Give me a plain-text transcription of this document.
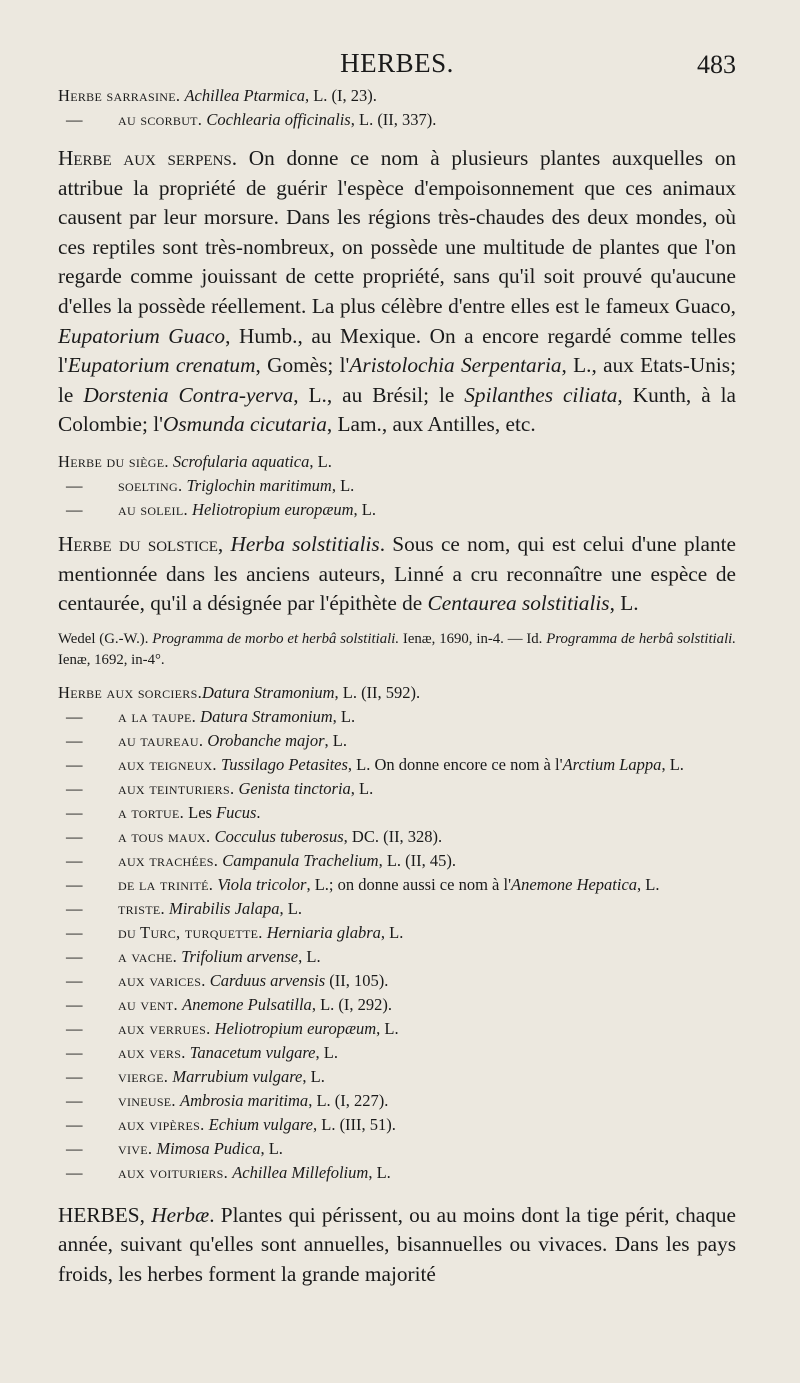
HERBES.	483
Herbe sarrasine.
Achillea Ptarmica , L. (I, 23).
—	au scorbut. Cochlearia officinalis, L. (II, 337).

Herbe aux serpens. On donne ce nom à plusieurs plantes auxquelles on attribue la propriété de guérir l'espèce d'empoisonnement que ces animaux causent par leur morsure. Dans les régions très-chaudes des deux mondes, où ces reptiles sont très-nombreux, on possède une multitude de plantes que l'on regarde comme jouissant de cette propriété, sans qu'il soit prouvé qu'aucune d'elles la possède réellement. La plus célèbre d'entre elles est le fameux Guaco, Eupatorium Guaco, Humb., au Mexique. On a encore regardé comme telles l'Eupatorium crenatum, Gomès; l'Aristolochia Serpentaria, L., aux Etats-Unis; le Dorstenia Contra-yerva, L., au Brésil; le Spilanthes ciliata, Kunth, à la Colombie; l'Osmunda cicutaria, Lam., aux Antilles, etc.

Herbe du siège.
Scrofularia aquatica , L.
—	soelting. Triglochin maritimum, L.
—	au soleil. Heliotropium europæum, L.

Herbe du solstice, Herba solstitialis. Sous ce nom, qui est celui d'une plante mentionnée dans les anciens auteurs, Linné a cru reconnaître une espèce de centaurée, qu'il a désignée par l'épithète de Centaurea solstitialis, L.

Wedel (G.-W.). Programma de morbo et herbâ solstitiali. Ienæ, 1690, in-4. — Id. Programma de herbâ solstitiali. Ienæ, 1692, in-4°.

Herbe aux sorciers. Datura Stramonium , L. (II, 592).
—	a la taupe. Datura Stramonium, L.
—	au taureau. Orobanche major, L.
—	aux teigneux. Tussilago Petasites, L. On donne encore ce nom à l'Arctium Lappa, L.
—	aux teinturiers. Genista tinctoria, L.
—	a tortue. Les Fucus.
—	a tous maux. Cocculus tuberosus, DC. (II, 328).
—	aux trachées. Campanula Trachelium, L. (II, 45).
—	de la trinité. Viola tricolor, L.; on donne aussi ce nom à l'Anemone Hepatica, L.
—	triste. Mirabilis Jalapa, L.
—	du Turc, turquette. Herniaria glabra, L.
—	a vache. Trifolium arvense, L.
—	aux varices. Carduus arvensis (II, 105).
—	au vent. Anemone Pulsatilla, L. (I, 292).
—	aux verrues. Heliotropium europæum, L.
—	aux vers. Tanacetum vulgare, L.
—	vierge. Marrubium vulgare, L.
—	vineuse. Ambrosia maritima, L. (I, 227).
—	aux vipères. Echium vulgare, L. (III, 51).
—	vive. Mimosa Pudica, L.
—	aux voituriers. Achillea Millefolium, L.

HERBES, Herbæ. Plantes qui périssent, ou au moins dont la tige périt, chaque année, suivant qu'elles sont annuelles, bisannuelles ou vivaces. Dans les pays froids, les herbes forment la grande majorité
